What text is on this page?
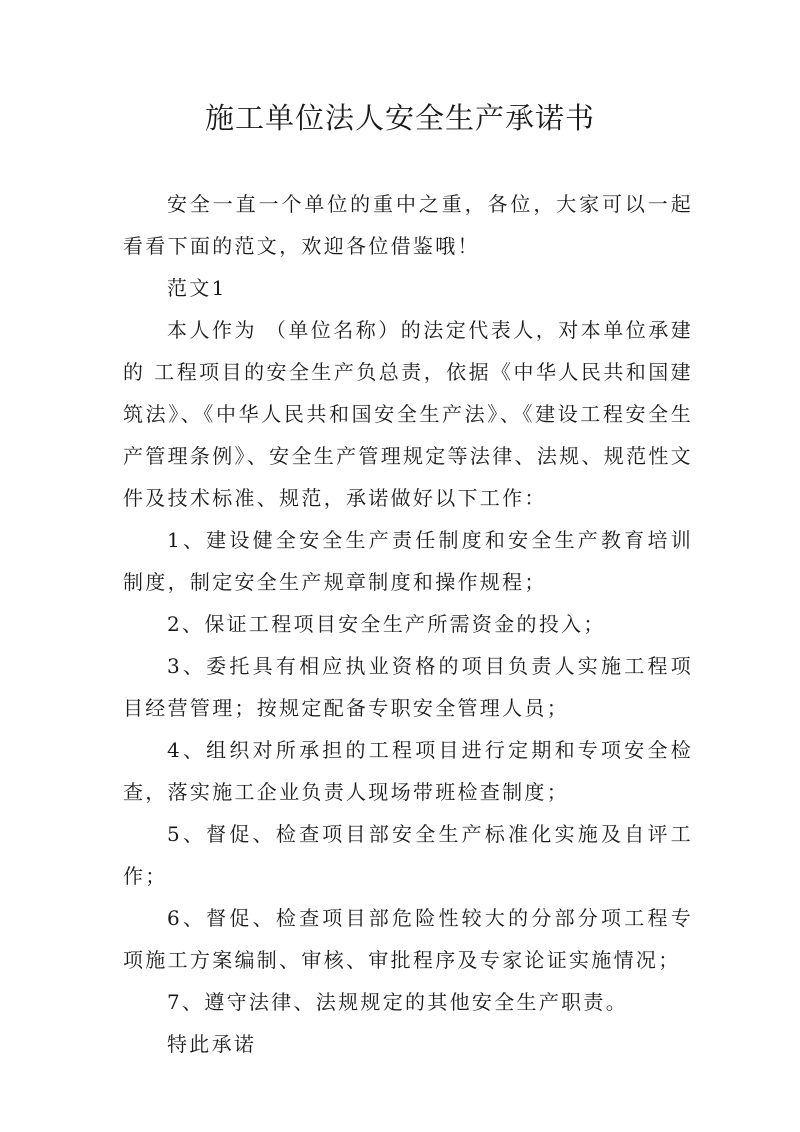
施工单位法人安全生产承诺书

安全一直一个单位的重中之重，各位，大家可以一起看看下面的范文，欢迎各位借鉴哦！

范文1

本人作为 （单位名称）的法定代表人，对本单位承建的 工程项目的安全生产负总责，依据《中华人民共和国建筑法》、《中华人民共和国安全生产法》、《建设工程安全生产管理条例》、安全生产管理规定等法律、法规、规范性文件及技术标准、规范，承诺做好以下工作：

1、建设健全安全生产责任制度和安全生产教育培训制度，制定安全生产规章制度和操作规程；

2、保证工程项目安全生产所需资金的投入；

3、委托具有相应执业资格的项目负责人实施工程项目经营管理；按规定配备专职安全管理人员；

4、组织对所承担的工程项目进行定期和专项安全检查，落实施工企业负责人现场带班检查制度；

5、督促、检查项目部安全生产标准化实施及自评工作；

6、督促、检查项目部危险性较大的分部分项工程专项施工方案编制、审核、审批程序及专家论证实施情况；

7、遵守法律、法规规定的其他安全生产职责。

特此承诺
